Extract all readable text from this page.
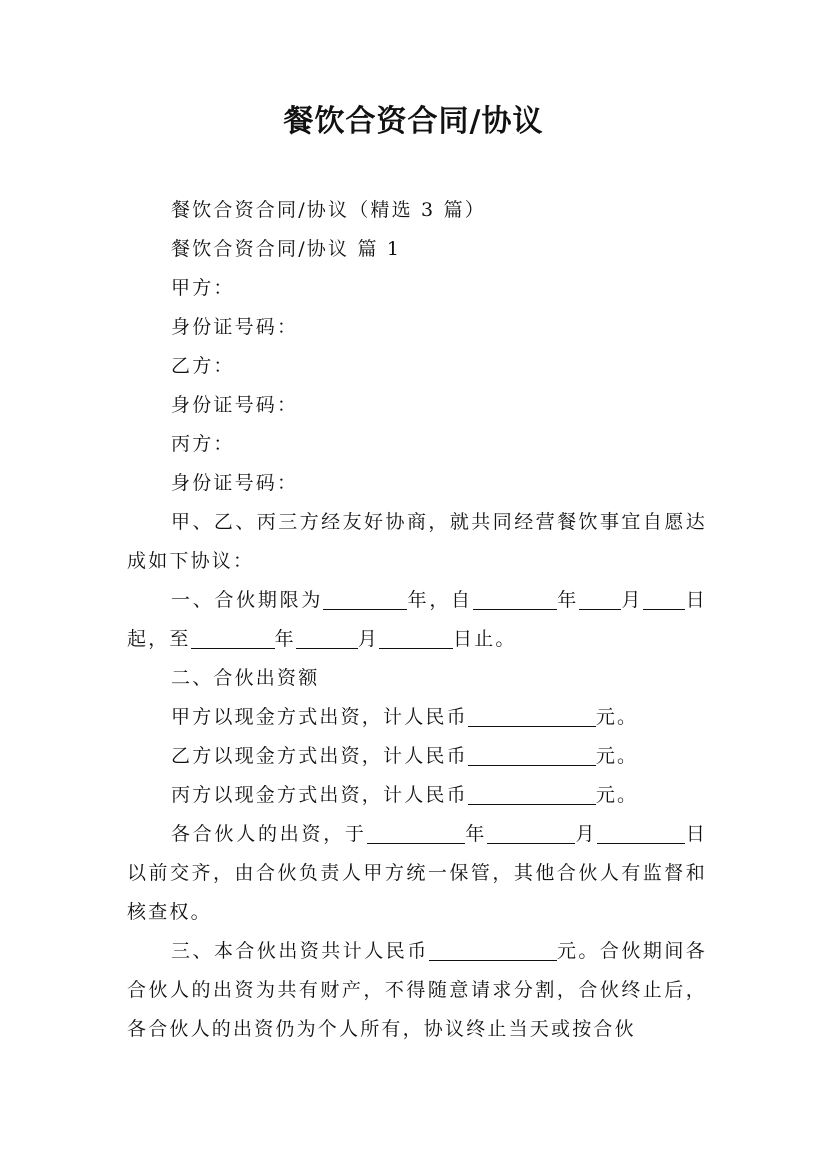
餐饮合资合同/协议

餐饮合资合同/协议（精选 3 篇）

餐饮合资合同/协议 篇 1

甲方：

身份证号码：

乙方：

身份证号码：

丙方：

身份证号码：

甲、乙、丙三方经友好协商，就共同经营餐饮事宜自愿达成如下协议：

一、合伙期限为	年，自	年 月 日起，至	年	月	日止。

二、合伙出资额

甲方以现金方式出资，计人民币	元。

乙方以现金方式出资，计人民币	元。

丙方以现金方式出资，计人民币	元。

各合伙人的出资，于	年	月	日以前交齐，由合伙负责人甲方统一保管，其他合伙人有监督和核查权。

三、本合伙出资共计人民币	元。合伙期间各合伙人的出资为共有财产，不得随意请求分割，合伙终止后，各合伙人的出资仍为个人所有，协议终止当天或按合伙
